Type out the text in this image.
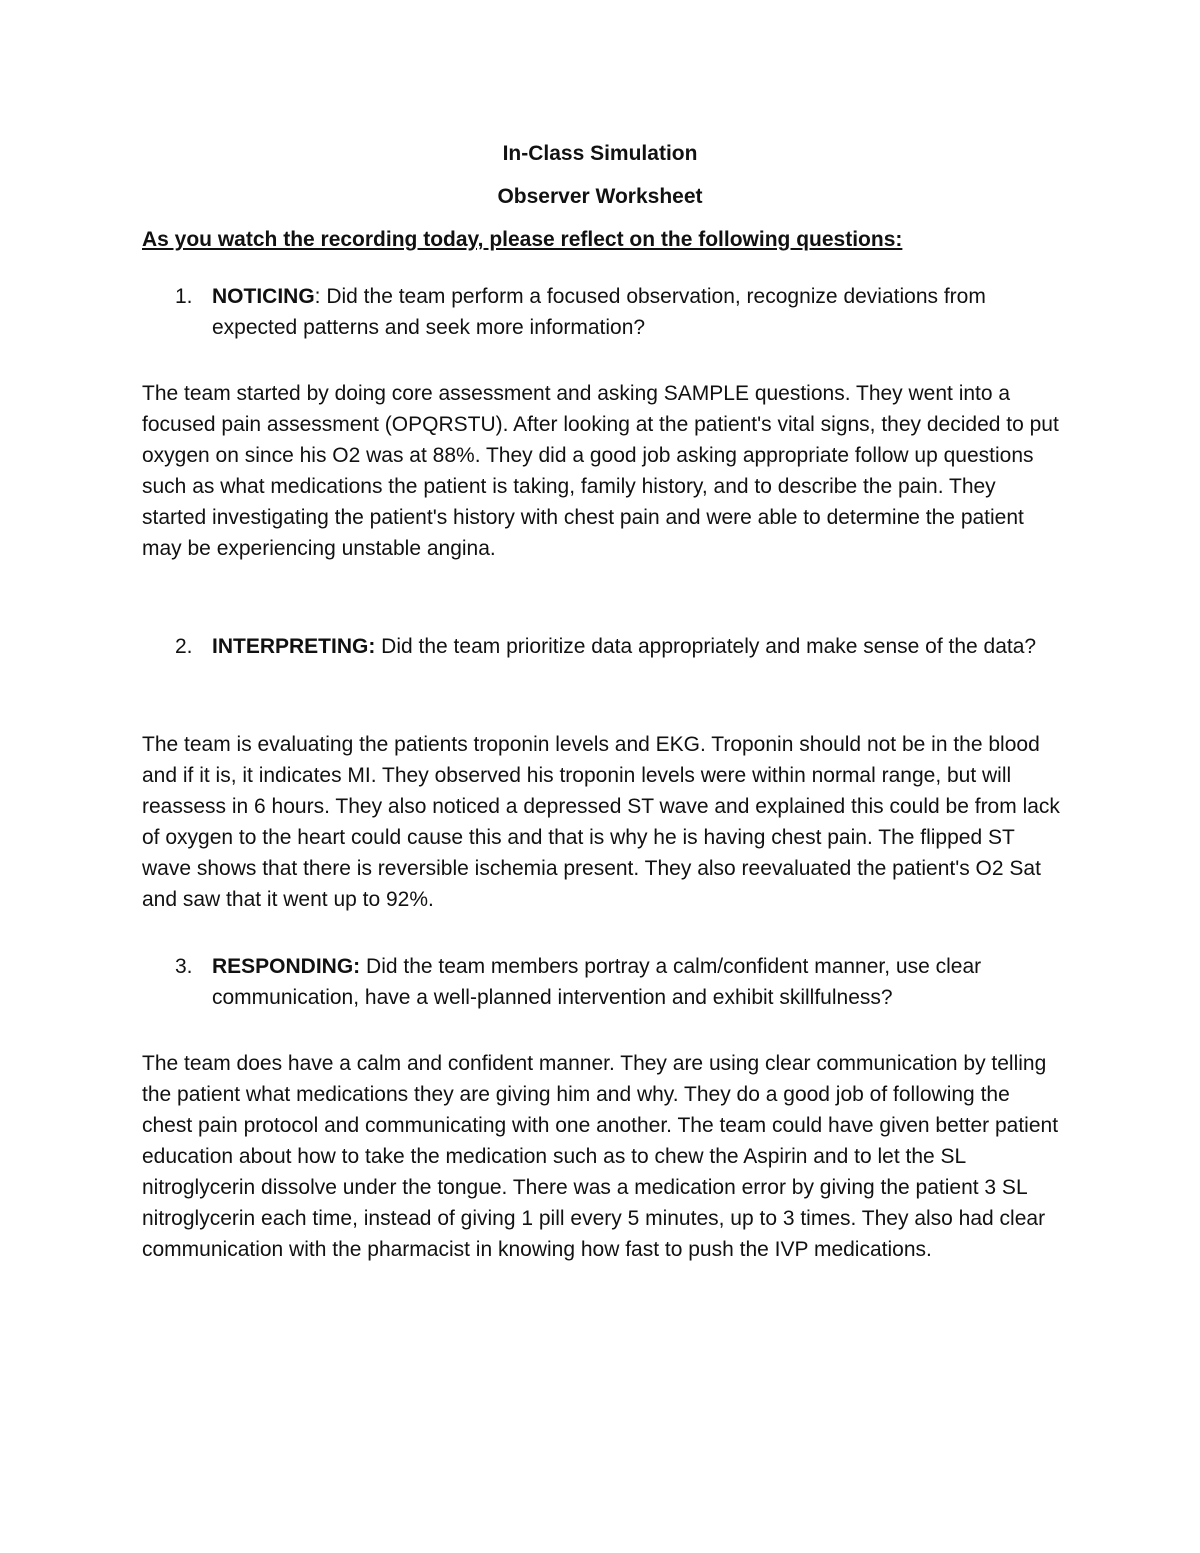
In-Class Simulation
Observer Worksheet

As you watch the recording today, please reflect on the following questions:

1. NOTICING: Did the team perform a focused observation, recognize deviations from expected patterns and seek more information?

The team started by doing core assessment and asking SAMPLE questions. They went into a focused pain assessment (OPQRSTU). After looking at the patient's vital signs, they decided to put oxygen on since his O2 was at 88%. They did a good job asking appropriate follow up questions such as what medications the patient is taking, family history, and to describe the pain. They started investigating the patient's history with chest pain and were able to determine the patient may be experiencing unstable angina.

2. INTERPRETING: Did the team prioritize data appropriately and make sense of the data?

The team is evaluating the patients troponin levels and EKG. Troponin should not be in the blood and if it is, it indicates MI. They observed his troponin levels were within normal range, but will reassess in 6 hours. They also noticed a depressed ST wave and explained this could be from lack of oxygen to the heart could cause this and that is why he is having chest pain. The flipped ST wave shows that there is reversible ischemia present. They also reevaluated the patient's O2 Sat and saw that it went up to 92%.

3. RESPONDING: Did the team members portray a calm/confident manner, use clear communication, have a well-planned intervention and exhibit skillfulness?

The team does have a calm and confident manner. They are using clear communication by telling the patient what medications they are giving him and why. They do a good job of following the chest pain protocol and communicating with one another. The team could have given better patient education about how to take the medication such as to chew the Aspirin and to let the SL nitroglycerin dissolve under the tongue. There was a medication error by giving the patient 3 SL nitroglycerin each time, instead of giving 1 pill every 5 minutes, up to 3 times. They also had clear communication with the pharmacist in knowing how fast to push the IVP medications.
